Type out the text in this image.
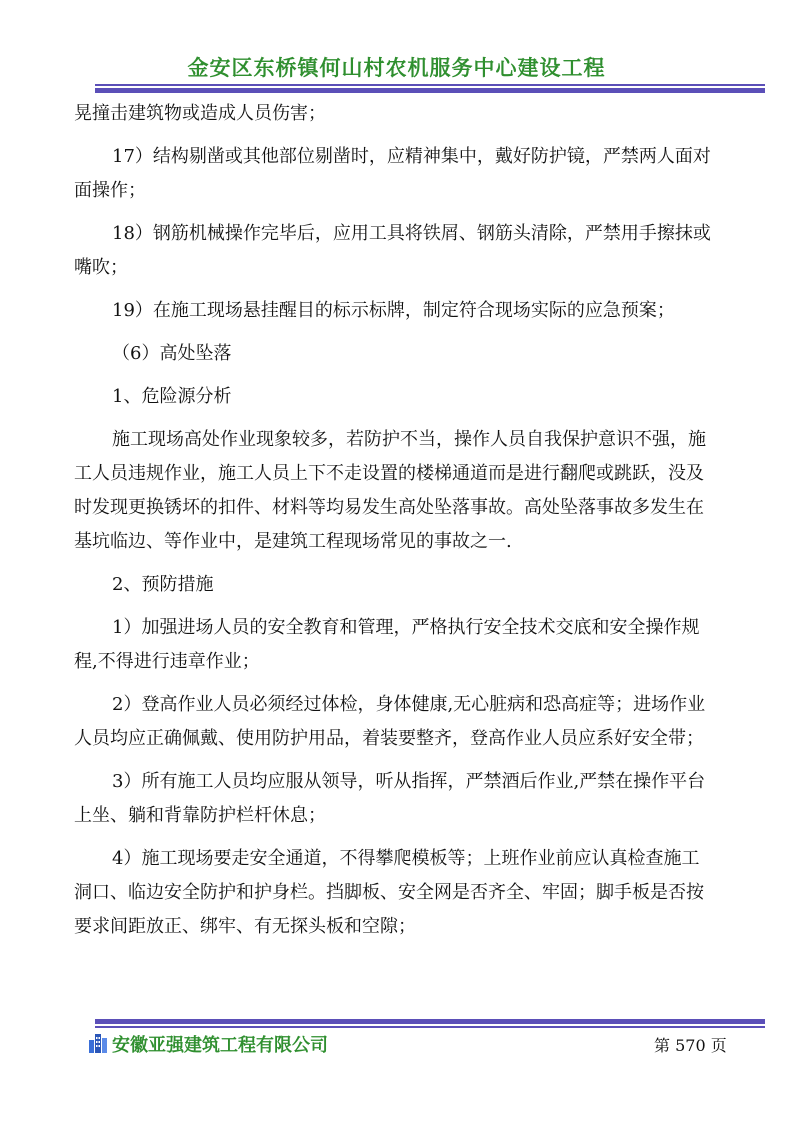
金安区东桥镇何山村农机服务中心建设工程
晃撞击建筑物或造成人员伤害；
17）结构剔凿或其他部位剔凿时，应精神集中，戴好防护镜，严禁两人面对
面操作；
18）钢筋机械操作完毕后，应用工具将铁屑、钢筋头清除，严禁用手擦抹或
嘴吹；
19）在施工现场悬挂醒目的标示标牌，制定符合现场实际的应急预案；
（6）高处坠落
1、危险源分析
施工现场高处作业现象较多，若防护不当，操作人员自我保护意识不强，施
工人员违规作业，施工人员上下不走设置的楼梯通道而是进行翻爬或跳跃，没及
时发现更换锈坏的扣件、材料等均易发生高处坠落事故。高处坠落事故多发生在
基坑临边、等作业中，是建筑工程现场常见的事故之一.
2、预防措施
1）加强进场人员的安全教育和管理，严格执行安全技术交底和安全操作规
程,不得进行违章作业；
2）登高作业人员必须经过体检，身体健康,无心脏病和恐高症等；进场作业
人员均应正确佩戴、使用防护用品，着装要整齐，登高作业人员应系好安全带；
3）所有施工人员均应服从领导，听从指挥，严禁酒后作业,严禁在操作平台
上坐、躺和背靠防护栏杆休息；
4）施工现场要走安全通道，不得攀爬模板等；上班作业前应认真检查施工
洞口、临边安全防护和护身栏。挡脚板、安全网是否齐全、牢固；脚手板是否按
要求间距放正、绑牢、有无探头板和空隙；
安徽亚强建筑工程有限公司	第 570 页
